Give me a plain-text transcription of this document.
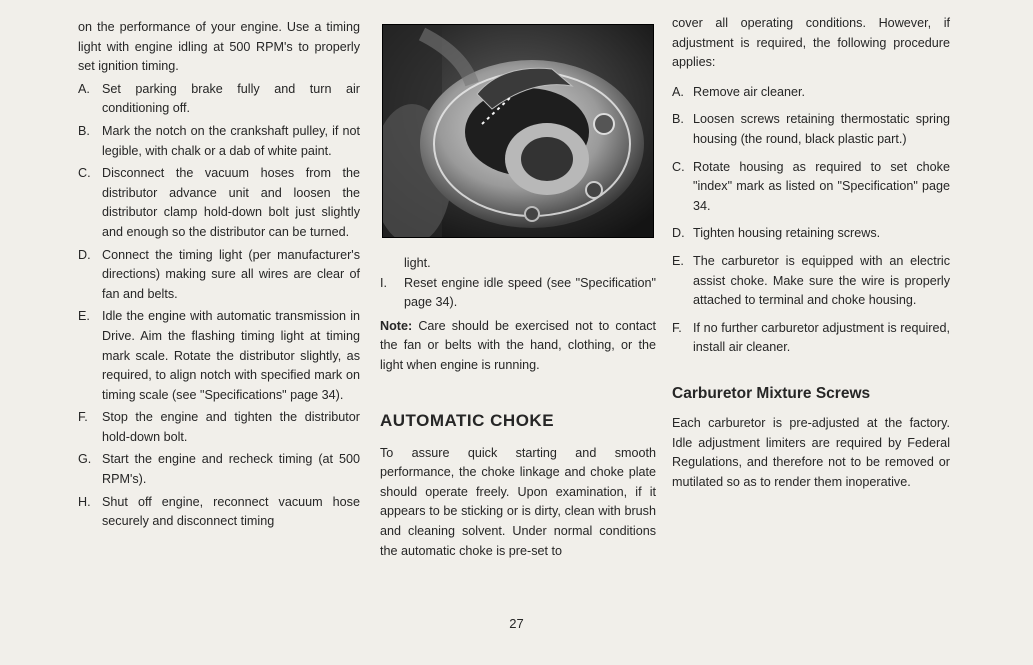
on the performance of your engine. Use a timing light with engine idling at 500 RPM's to properly set ignition timing.

A. Set parking brake fully and turn air conditioning off.
B. Mark the notch on the crankshaft pulley, if not legible, with chalk or a dab of white paint.
C. Disconnect the vacuum hoses from the distributor advance unit and loosen the distributor clamp hold-down bolt just slightly and enough so the distributor can be turned.
D. Connect the timing light (per manufacturer's directions) making sure all wires are clear of fan and belts.
E. Idle the engine with automatic transmission in Drive. Aim the flashing timing light at timing mark scale. Rotate the distributor slightly, as required, to align notch with specified mark on timing scale (see "Specifications" page 34).
F.	Stop the engine and tighten the distributor hold-down bolt.
G. Start the engine and recheck timing (at 500 RPM's).
H. Shut off engine, reconnect vacuum hose securely and disconnect timing

light.

I.	Reset engine idle speed (see "Specification" page 34).

Note: Care should be exercised not to contact the fan or belts with the hand, clothing, or the light when engine is running.

AUTOMATIC CHOKE

To assure quick starting and smooth performance, the choke linkage and choke plate should operate freely. Upon examination, if it appears to be sticking or is dirty, clean with brush and cleaning solvent. Under normal conditions the automatic choke is pre-set to

cover all operating conditions. However, if adjustment is required, the following procedure applies:

A. Remove air cleaner.
B. Loosen screws retaining thermostatic spring housing (the round, black plastic part.)
C. Rotate housing as required to set choke "index" mark as listed on "Specification" page 34.
D. Tighten housing retaining screws.
E. The carburetor is equipped with an electric assist choke. Make sure the wire is properly attached to terminal and choke housing.
F. If no further carburetor adjustment is required, install air cleaner.
Carburetor Mixture Screws

Each carburetor is pre-adjusted at the factory. Idle adjustment limiters are required by Federal Regulations, and therefore not to be removed or mutilated so as to render them inoperative.

27
